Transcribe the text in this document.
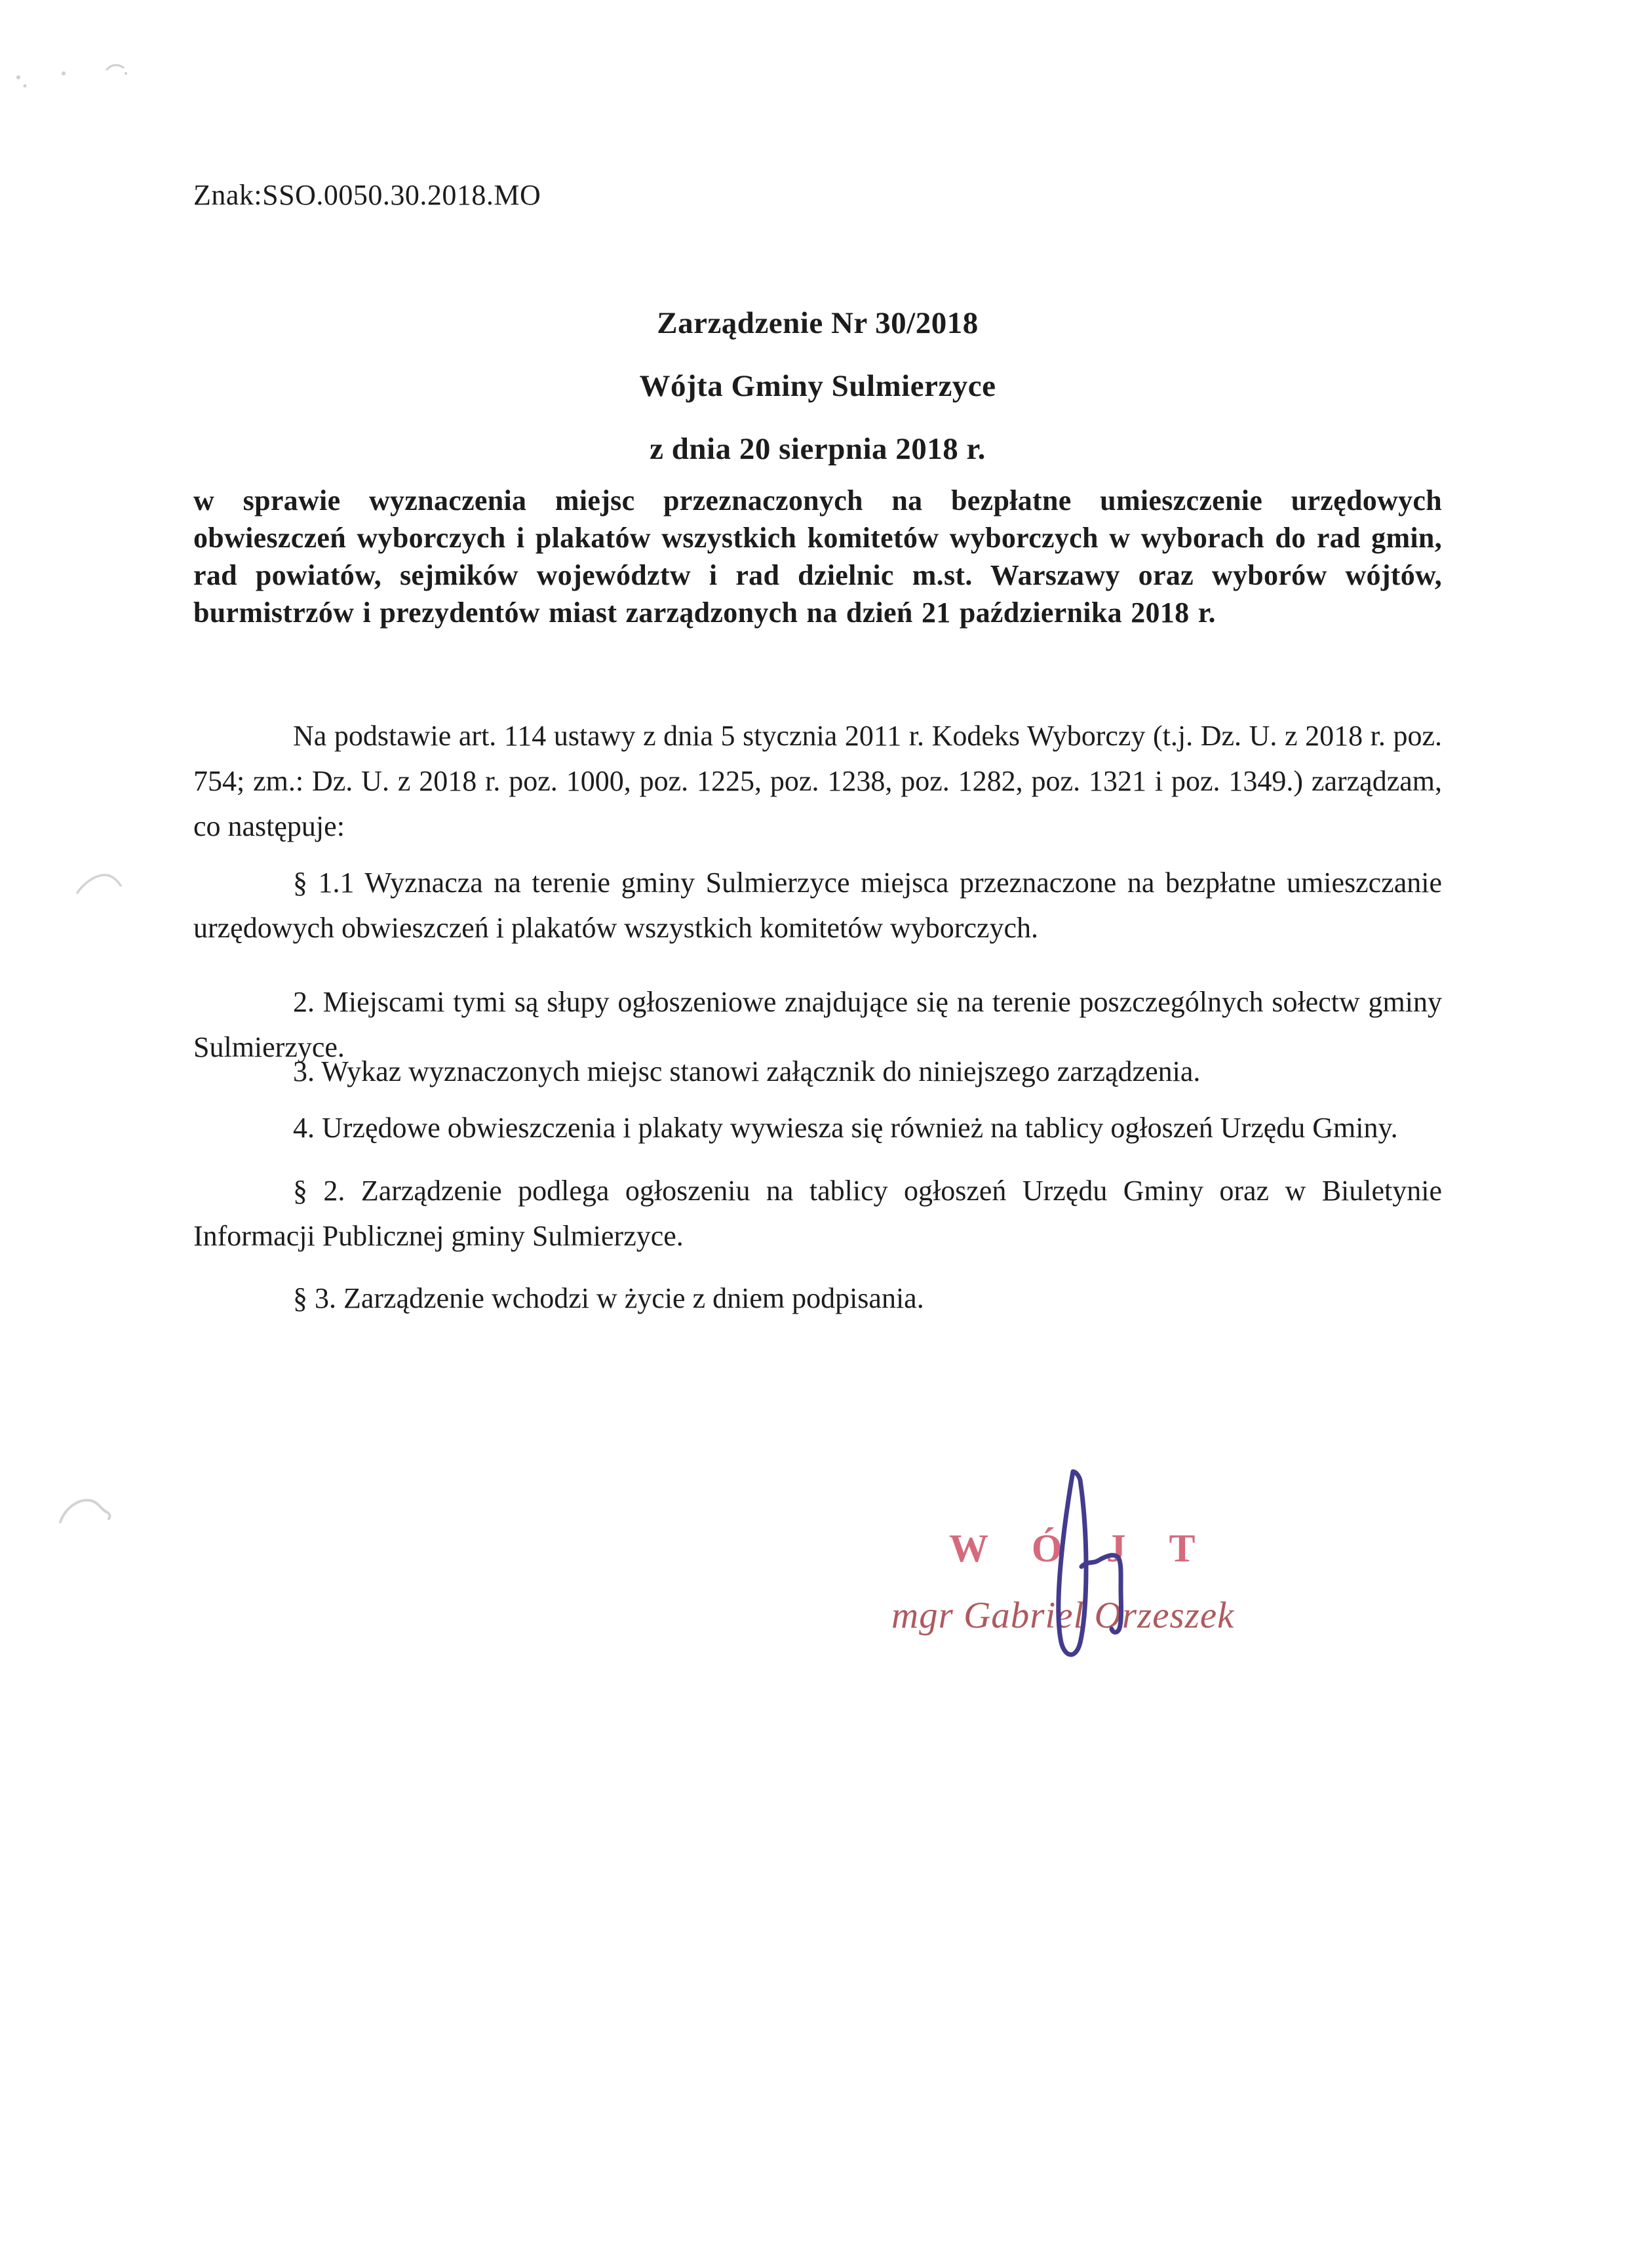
Znak:SSO.0050.30.2018.MO
Zarządzenie Nr 30/2018
Wójta Gminy Sulmierzyce
z dnia 20 sierpnia 2018 r.
w sprawie wyznaczenia miejsc przeznaczonych na bezpłatne umieszczenie urzędowych obwieszczeń wyborczych i plakatów wszystkich komitetów wyborczych w wyborach do rad gmin, rad powiatów, sejmików województw i rad dzielnic m.st. Warszawy oraz wyborów wójtów, burmistrzów i prezydentów miast zarządzonych na dzień 21 października 2018 r.
Na podstawie art. 114 ustawy z dnia 5 stycznia 2011 r. Kodeks Wyborczy (t.j. Dz. U. z 2018 r. poz. 754; zm.: Dz. U. z 2018 r. poz. 1000, poz. 1225, poz. 1238, poz. 1282, poz. 1321 i poz. 1349.) zarządzam, co następuje:
§ 1.1 Wyznacza na terenie gminy Sulmierzyce miejsca przeznaczone na bezpłatne umieszczanie urzędowych obwieszczeń i plakatów wszystkich komitetów wyborczych.
2. Miejscami tymi są słupy ogłoszeniowe znajdujące się na terenie poszczególnych sołectw gminy Sulmierzyce.
3. Wykaz wyznaczonych miejsc stanowi załącznik do niniejszego zarządzenia.
4. Urzędowe obwieszczenia i plakaty wywiesza się również na tablicy ogłoszeń Urzędu Gminy.
§ 2. Zarządzenie podlega ogłoszeniu na tablicy ogłoszeń Urzędu Gminy oraz w Biuletynie Informacji Publicznej gminy Sulmierzyce.
§ 3. Zarządzenie wchodzi w życie z dniem podpisania.
W Ó J T
mgr Gabriel Orzeszek
